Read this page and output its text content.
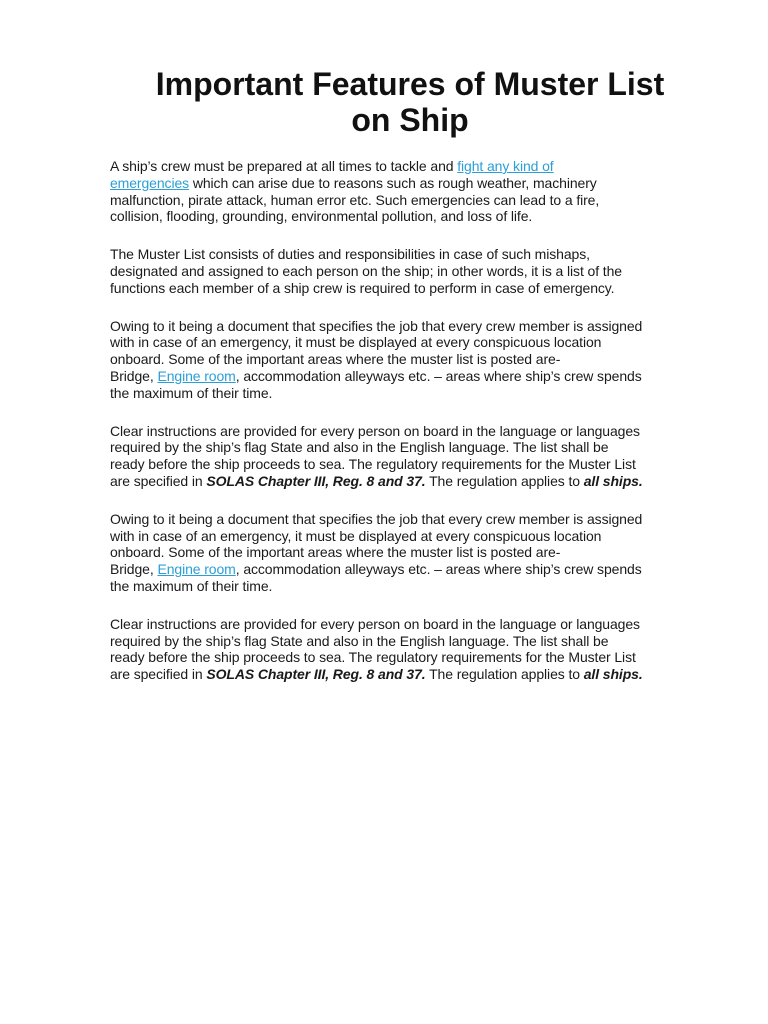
Important Features of Muster List
on Ship

A ship’s crew must be prepared at all times to tackle and fight any kind of
emergencies which can arise due to reasons such as rough weather, machinery
malfunction, pirate attack, human error etc. Such emergencies can lead to a fire,
collision, flooding, grounding, environmental pollution, and loss of life.

The Muster List consists of duties and responsibilities in case of such mishaps,
designated and assigned to each person on the ship; in other words, it is a list of the
functions each member of a ship crew is required to perform in case of emergency.

Owing to it being a document that specifies the job that every crew member is assigned
with in case of an emergency, it must be displayed at every conspicuous location
onboard. Some of the important areas where the muster list is posted are-
Bridge, Engine room, accommodation alleyways etc. – areas where ship’s crew spends
the maximum of their time.

Clear instructions are provided for every person on board in the language or languages
required by the ship’s flag State and also in the English language. The list shall be
ready before the ship proceeds to sea. The regulatory requirements for the Muster List
are specified in SOLAS Chapter III, Reg. 8 and 37. The regulation applies to all ships.

Owing to it being a document that specifies the job that every crew member is assigned
with in case of an emergency, it must be displayed at every conspicuous location
onboard. Some of the important areas where the muster list is posted are-
Bridge, Engine room, accommodation alleyways etc. – areas where ship’s crew spends
the maximum of their time.

Clear instructions are provided for every person on board in the language or languages
required by the ship’s flag State and also in the English language. The list shall be
ready before the ship proceeds to sea. The regulatory requirements for the Muster List
are specified in SOLAS Chapter III, Reg. 8 and 37. The regulation applies to all ships.
